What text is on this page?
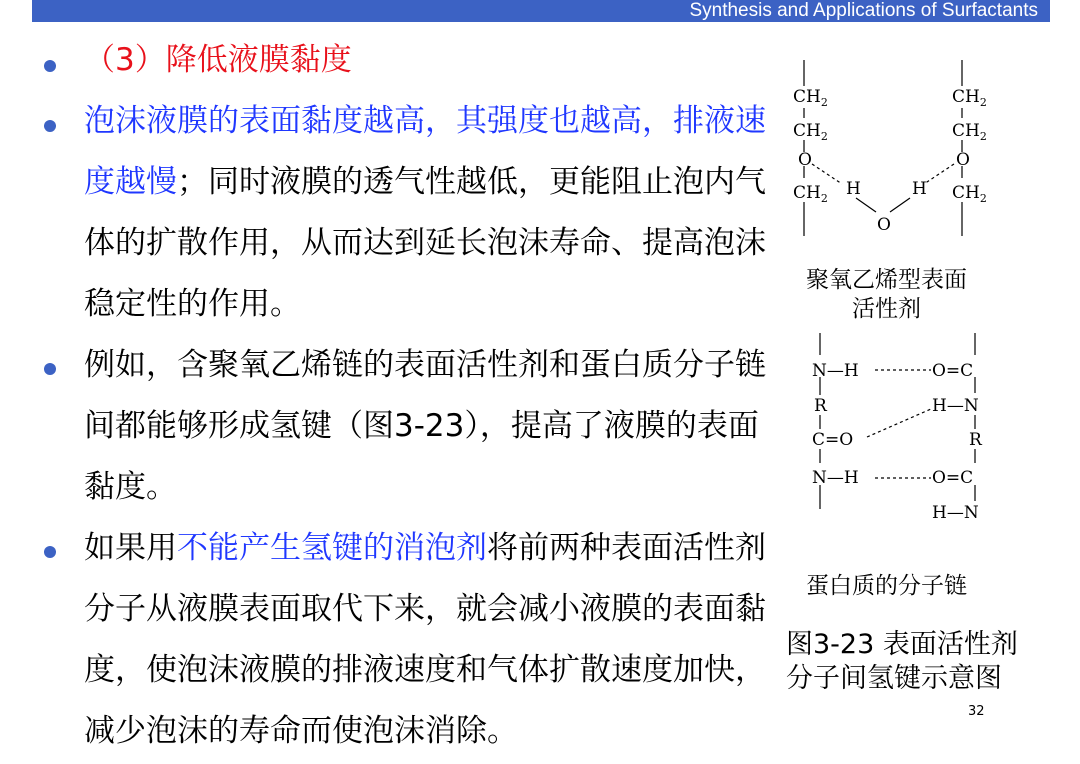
Synthesis and Applications of Surfactants

（3）降低液膜黏度

泡沫液膜的表面黏度越高，其强度也越高，排液速度越慢；同时液膜的透气性越低，更能阻止泡内气体的扩散作用，从而达到延长泡沫寿命、提高泡沫稳定性的作用。

例如，含聚氧乙烯链的表面活性剂和蛋白质分子链间都能够形成氢键（图3-23），提高了液膜的表面黏度。

如果用不能产生氢键的消泡剂将前两种表面活性剂分子从液膜表面取代下来，就会减小液膜的表面黏度，使泡沫液膜的排液速度和气体扩散速度加快，减少泡沫的寿命而使泡沫消除。

$CH_2$
$CH_2$
O
$CH_2$
$CH_2$
$CH_2$
O
$CH_2$
H	H
O
聚氧乙烯型表面
活性剂
N—H	O=C
R	H—N
C=O	R
N—H	O=C
H—N
蛋白质的分子链
图3-23 表面活性剂
分子间氢键示意图
32
